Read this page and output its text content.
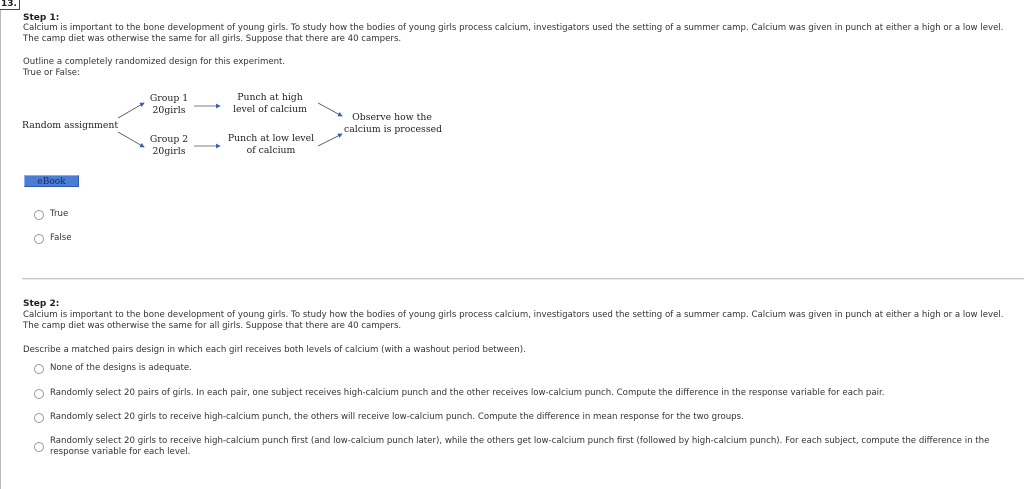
13.
Step 1:
Calcium is important to the bone development of young girls. To study how the bodies of young girls process calcium, investigators used the setting of a summer camp. Calcium was given in punch at either a high or a low level. The camp diet was otherwise the same for all girls. Suppose that there are 40 campers.
Outline a completely randomized design for this experiment.
True or False:
Random assignment
Group 1
20girls
Group 2
20girls
Punch at high
level of calcium
Punch at low level
of calcium
Observe how the
calcium is processed
eBook
True
False
Step 2:
Calcium is important to the bone development of young girls. To study how the bodies of young girls process calcium, investigators used the setting of a summer camp. Calcium was given in punch at either a high or a low level. The camp diet was otherwise the same for all girls. Suppose that there are 40 campers.
Describe a matched pairs design in which each girl receives both levels of calcium (with a washout period between).
None of the designs is adequate.
Randomly select 20 pairs of girls. In each pair, one subject receives high-calcium punch and the other receives low-calcium punch. Compute the difference in the response variable for each pair.
Randomly select 20 girls to receive high-calcium punch, the others will receive low-calcium punch. Compute the difference in mean response for the two groups.
Randomly select 20 girls to receive high-calcium punch first (and low-calcium punch later), while the others get low-calcium punch first (followed by high-calcium punch). For each subject, compute the difference in the response variable for each level.
